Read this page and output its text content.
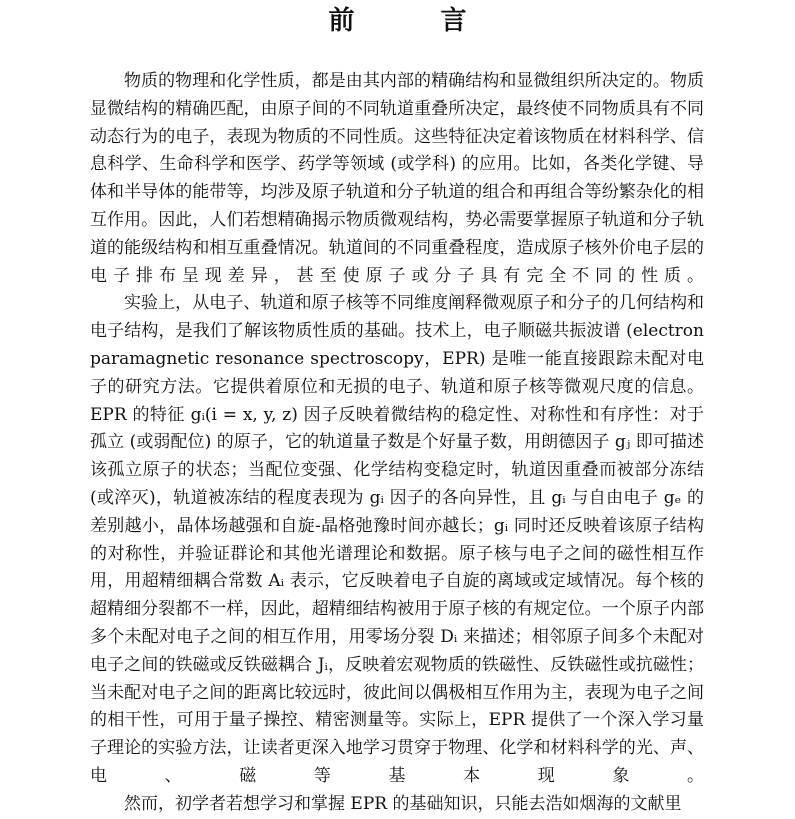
前　言

物质的物理和化学性质，都是由其内部的精确结构和显微组织所决定的。物质显微结构的精确匹配，由原子间的不同轨道重叠所决定，最终使不同物质具有不同动态行为的电子，表现为物质的不同性质。这些特征决定着该物质在材料科学、信息科学、生命科学和医学、药学等领域 (或学科) 的应用。比如，各类化学键、导体和半导体的能带等，均涉及原子轨道和分子轨道的组合和再组合等纷繁杂化的相互作用。因此，人们若想精确揭示物质微观结构，势必需要掌握原子轨道和分子轨道的能级结构和相互重叠情况。轨道间的不同重叠程度，造成原子核外价电子层的电子排布呈现差异，甚至使原子或分子具有完全不同的性质。

实验上，从电子、轨道和原子核等不同维度阐释微观原子和分子的几何结构和电子结构，是我们了解该物质性质的基础。技术上，电子顺磁共振波谱 (electron paramagnetic resonance spectroscopy，EPR) 是唯一能直接跟踪未配对电子的研究方法。它提供着原位和无损的电子、轨道和原子核等微观尺度的信息。EPR 的特征 gᵢ(i = x, y, z) 因子反映着微结构的稳定性、对称性和有序性：对于孤立 (或弱配位) 的原子，它的轨道量子数是个好量子数，用朗德因子 gⱼ 即可描述该孤立原子的状态；当配位变强、化学结构变稳定时，轨道因重叠而被部分冻结 (或淬灭)，轨道被冻结的程度表现为 gᵢ 因子的各向异性，且 gᵢ 与自由电子 gₑ 的差别越小，晶体场越强和自旋-晶格弛豫时间亦越长；gᵢ 同时还反映着该原子结构的对称性，并验证群论和其他光谱理论和数据。原子核与电子之间的磁性相互作用，用超精细耦合常数 Aᵢ 表示，它反映着电子自旋的离域或定域情况。每个核的超精细分裂都不一样，因此，超精细结构被用于原子核的有规定位。一个原子内部多个未配对电子之间的相互作用，用零场分裂 Dᵢ 来描述；相邻原子间多个未配对电子之间的铁磁或反铁磁耦合 Jᵢ，反映着宏观物质的铁磁性、反铁磁性或抗磁性；当未配对电子之间的距离比较远时，彼此间以偶极相互作用为主，表现为电子之间的相干性，可用于量子操控、精密测量等。实际上，EPR 提供了一个深入学习量子理论的实验方法，让读者更深入地学习贯穿于物理、化学和材料科学的光、声、电、磁等基本现象。

然而，初学者若想学习和掌握 EPR 的基础知识，只能去浩如烟海的文献里
